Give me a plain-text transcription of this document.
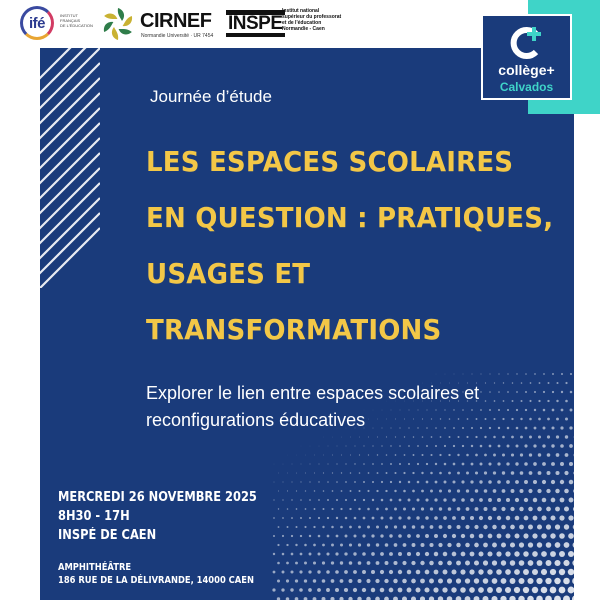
ifé	INSTITUT
FRANÇAIS
DE L'ÉDUCATION	CIRNEF
Normandie Université · UR 7454
INSPÉ
Institut national
supérieur du professorat
et de l'éducation
Normandie - Caen
collège+
Calvados
Journée d’étude
LES ESPACES SCOLAIRES
EN QUESTION : PRATIQUES,
USAGES ET
TRANSFORMATIONS
Explorer le lien entre espaces scolaires et reconfigurations éducatives
MERCREDI 26 NOVEMBRE 2025
8H30 - 17H
INSPÉ DE CAEN
AMPHITHÉÂTRE
186 RUE DE LA DÉLIVRANDE, 14000 CAEN
